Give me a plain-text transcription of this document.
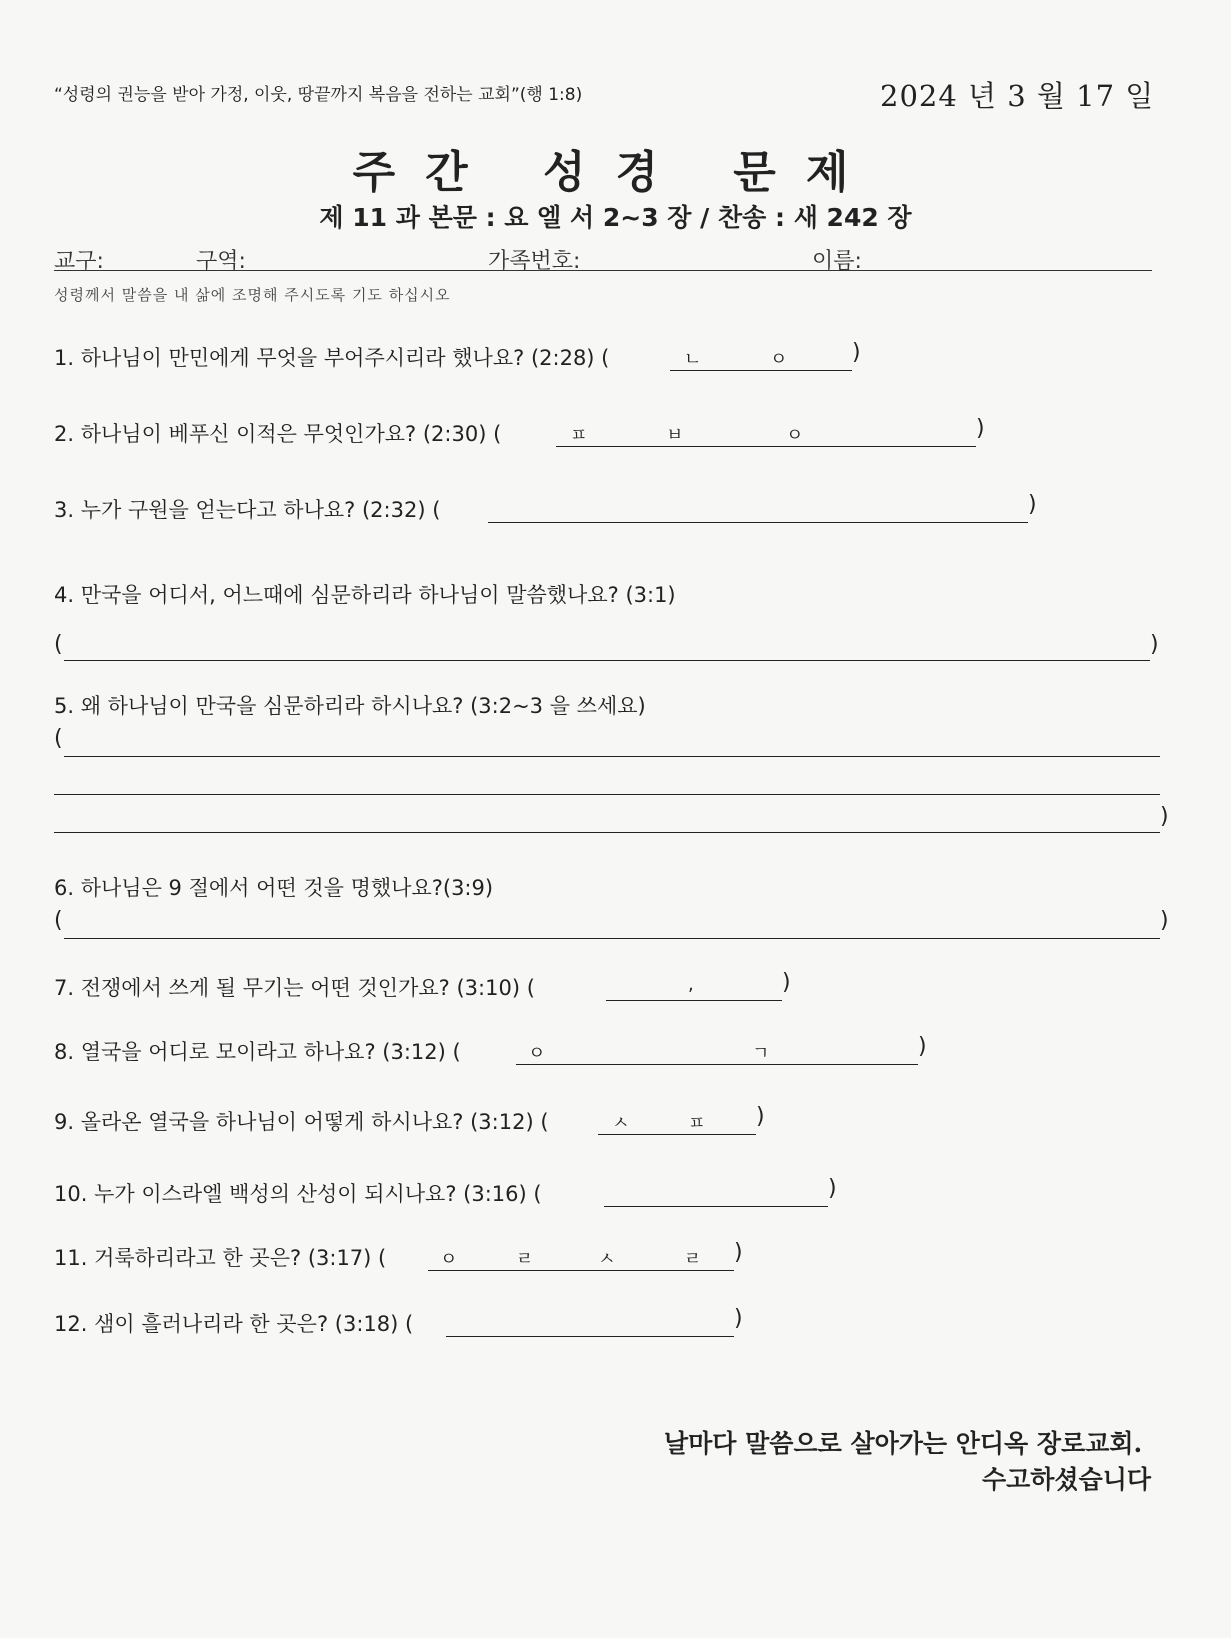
“성령의 권능을 받아 가정, 이웃, 땅끝까지 복음을 전하는 교회”(행 1:8)	2024 년 3 월 17 일
주간 성경 문제
제 11 과 본문 : 요 엘 서 2~3 장 / 찬송 : 새 242 장
교구:	구역:	가족번호:	이름:
성령께서 말씀을 내 삶에 조명해 주시도록 기도 하십시오
1. 하나님이 만민에게 무엇을 부어주시리라 했나요? (2:28) (	ㄴ	ㅇ	)
2. 하나님이 베푸신 이적은 무엇인가요? (2:30) (	ㅍ	ㅂ	ㅇ	)
3. 누가 구원을 얻는다고 하나요? (2:32) (	)
4. 만국을 어디서, 어느때에 심문하리라 하나님이 말씀했나요? (3:1)
(	)
5. 왜 하나님이 만국을 심문하리라 하시나요? (3:2~3 을 쓰세요)
(
)
6. 하나님은 9 절에서 어떤 것을 명했나요?(3:9)
(	)
7. 전쟁에서 쓰게 될 무기는 어떤 것인가요? (3:10) (	,	)
8. 열국을 어디로 모이라고 하나요? (3:12) (	ㅇ	ㄱ	)
9. 올라온 열국을 하나님이 어떻게 하시나요? (3:12) (	ㅅ	ㅍ )
10. 누가 이스라엘 백성의 산성이 되시나요? (3:16) (	)
11. 거룩하리라고 한 곳은? (3:17) (	ㅇ	ㄹ	ㅅ	ㄹ )
12. 샘이 흘러나리라 한 곳은? (3:18) (	)
날마다 말씀으로 살아가는 안디옥 장로교회.
수고하셨습니다
